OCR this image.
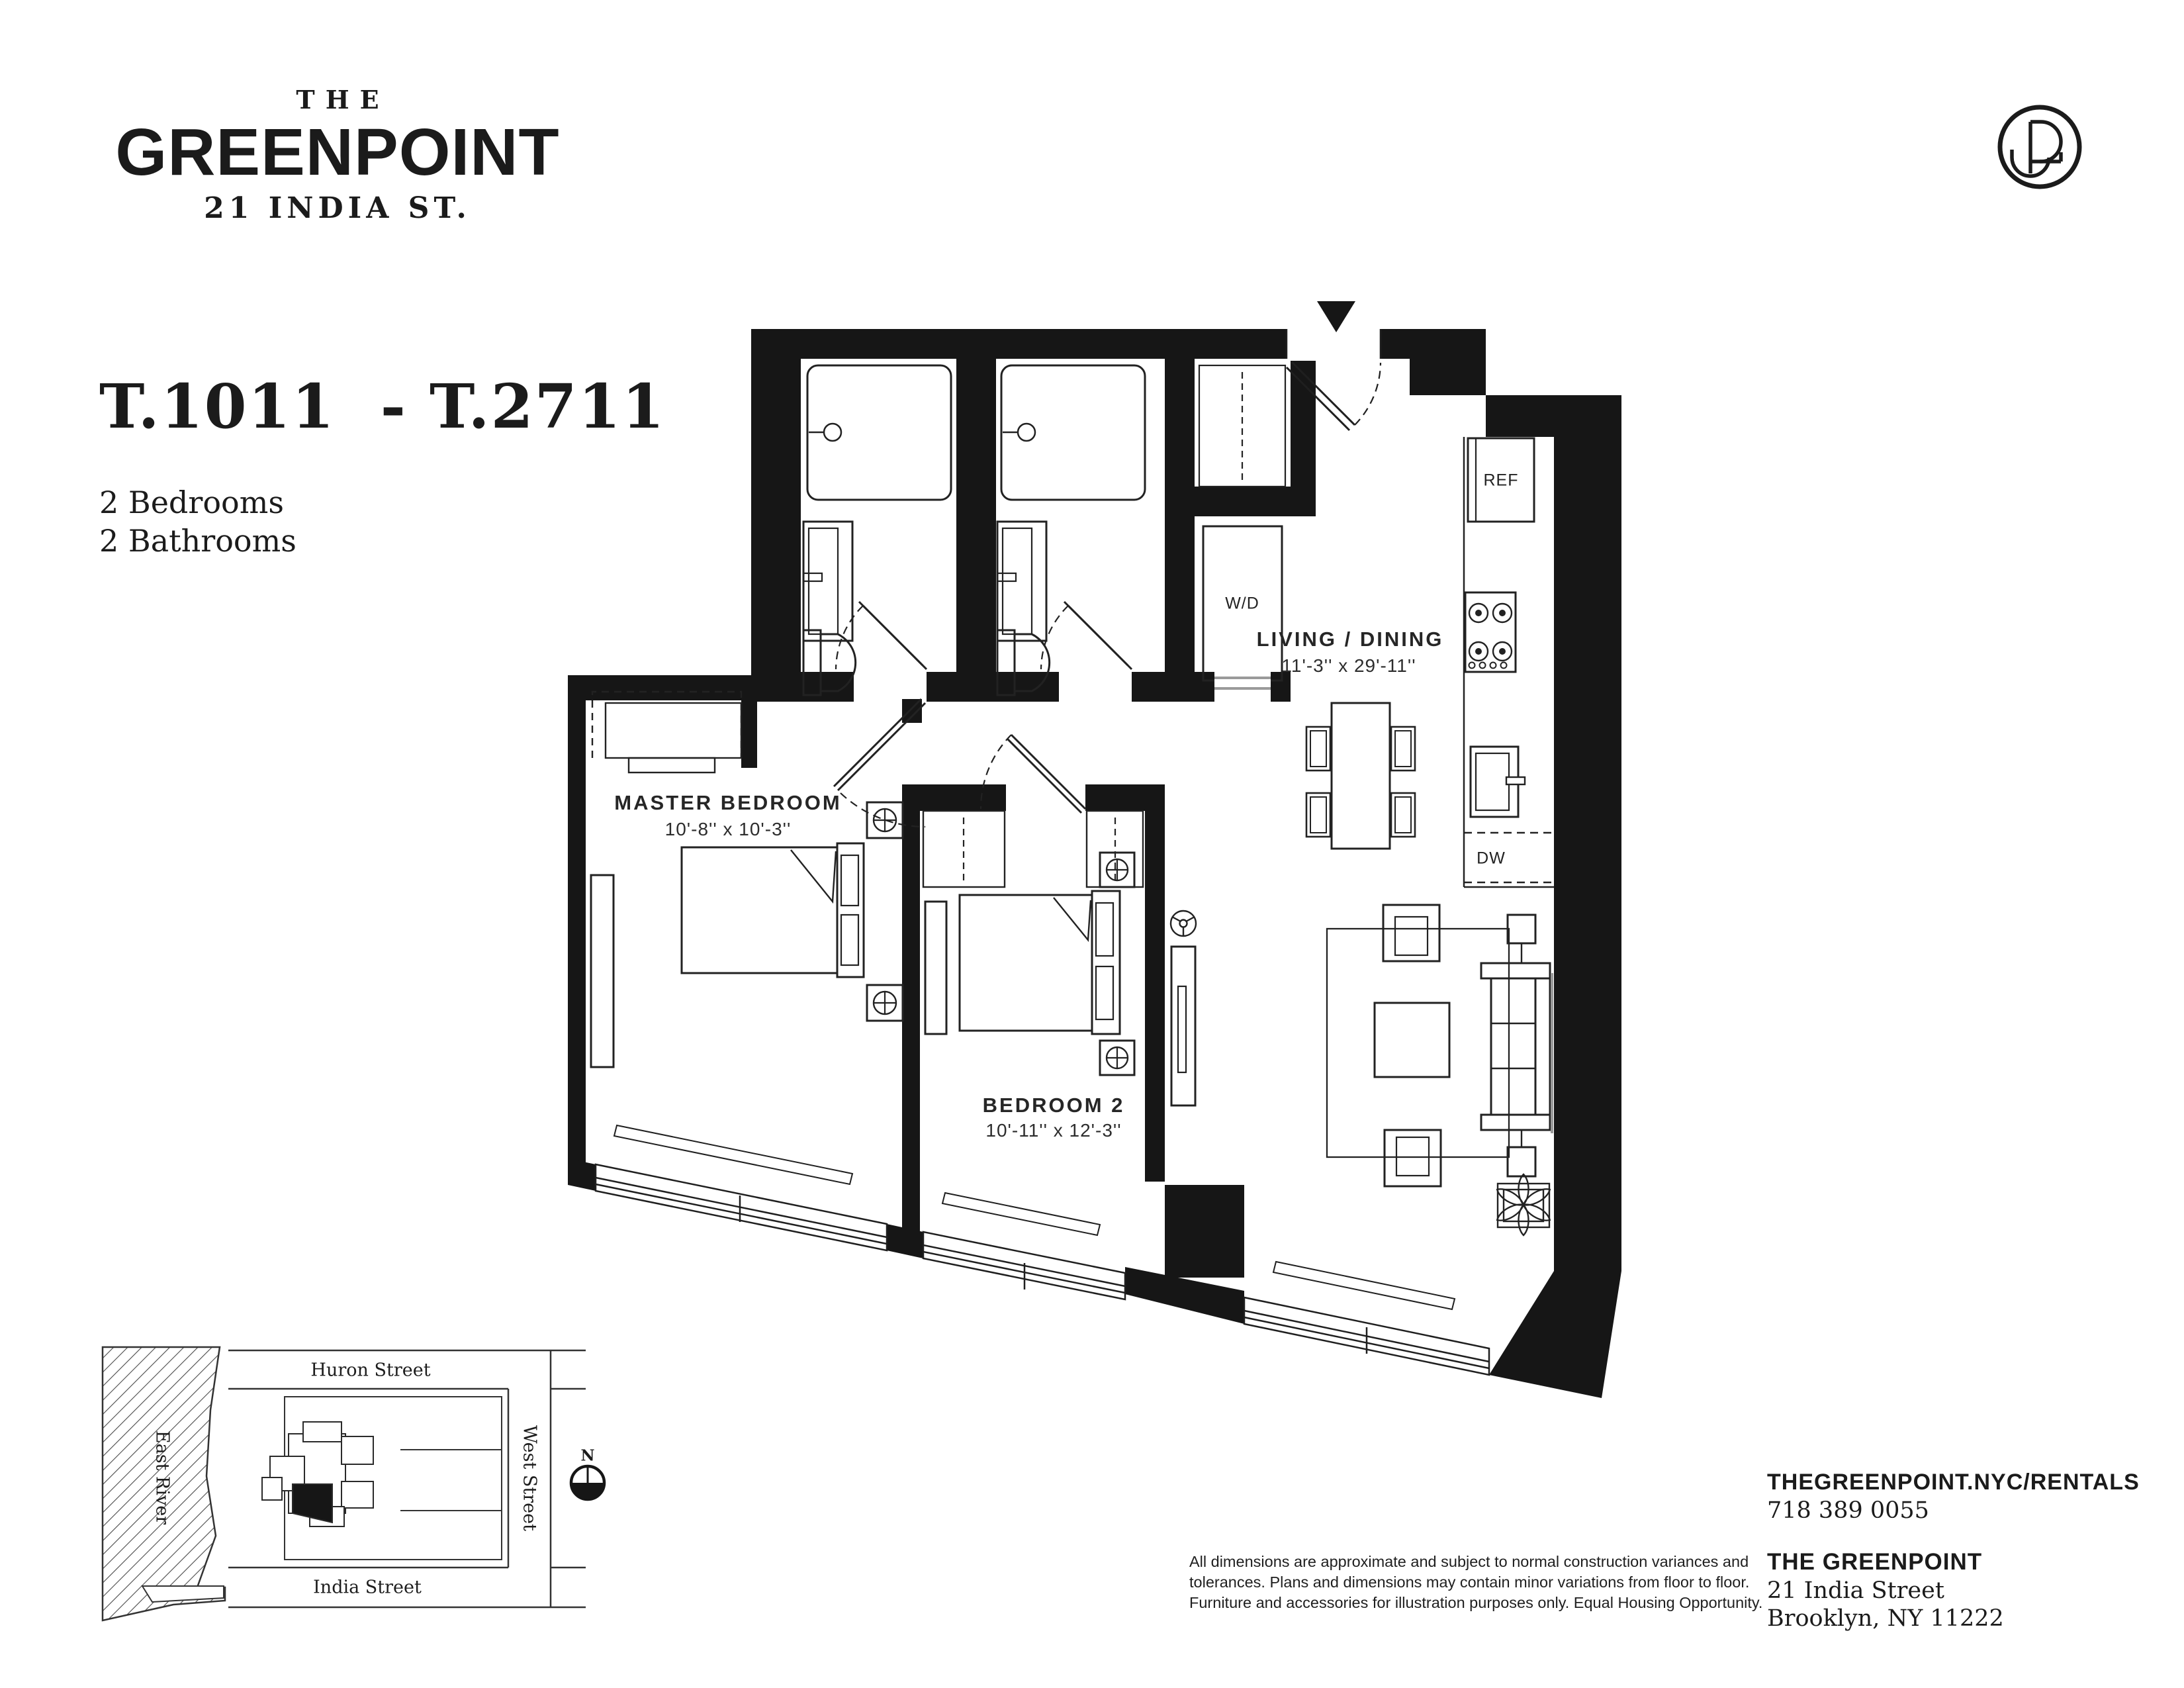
THE
GREENPOINT
21 INDIA ST.
T.1011  - T.2711
2 Bedrooms
2 Bathrooms
LIVING / DINING
11'-3'' x 29'-11''
MASTER BEDROOM
10'-8'' x 10'-3''
BEDROOM 2
10'-11'' x 12'-3''
REF
W/D
DW
Huron Street
India Street
West Street
East River	N
THEGREENPOINT.NYC/RENTALS
718 389 0055
THE GREENPOINT
21 India Street
Brooklyn, NY 11222
All dimensions are approximate and subject to normal construction variances and
tolerances. Plans and dimensions may contain minor variations from floor to floor.
Furniture and accessories for illustration purposes only. Equal Housing Opportunity.
